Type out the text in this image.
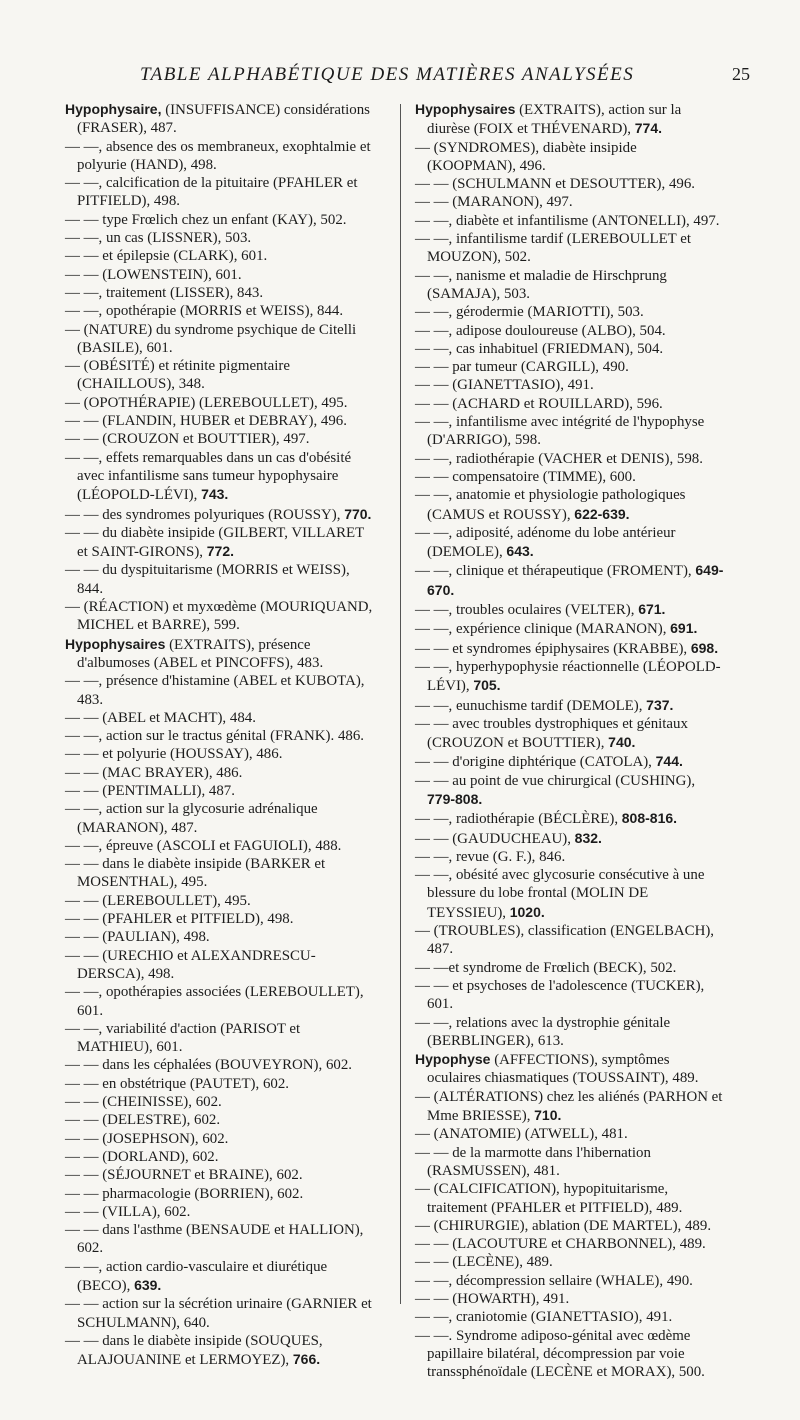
TABLE ALPHABÉTIQUE DES MATIÈRES ANALYSÉES	25

Hypophysaire, (INSUFFISANCE) considérations (FRASER), 487.

— —, absence des os membraneux, exophtalmie et polyurie (HAND), 498.

— —, calcification de la pituitaire (PFAHLER et PITFIELD), 498.

— — type Frœlich chez un enfant (KAY), 502.

— —, un cas (LISSNER), 503.

— — et épilepsie (CLARK), 601.

— — (LOWENSTEIN), 601.

— —, traitement (LISSER), 843.

— —, opothérapie (MORRIS et WEISS), 844.

— (NATURE) du syndrome psychique de Citelli (BASILE), 601.

— (OBÉSITÉ) et rétinite pigmentaire (CHAILLOUS), 348.

— (OPOTHÉRAPIE) (LEREBOULLET), 495.

— — (FLANDIN, HUBER et DEBRAY), 496.

— — (CROUZON et BOUTTIER), 497.

— —, effets remarquables dans un cas d'obésité avec infantilisme sans tumeur hypophysaire (LÉOPOLD-LÉVI), 743.

— — des syndromes polyuriques (ROUSSY), 770.

— — du diabète insipide (GILBERT, VILLARET et SAINT-GIRONS), 772.

— — du dyspituitarisme (MORRIS et WEISS), 844.

— (RÉACTION) et myxœdème (MOURIQUAND, MICHEL et BARRE), 599.

Hypophysaires (EXTRAITS), présence d'albumoses (ABEL et PINCOFFS), 483.

— —, présence d'histamine (ABEL et KUBOTA), 483.

— — (ABEL et MACHT), 484.

— —, action sur le tractus génital (FRANK). 486.

— — et polyurie (HOUSSAY), 486.

— — (MAC BRAYER), 486.

— — (PENTIMALLI), 487.

— —, action sur la glycosurie adrénalique (MARANON), 487.

— —, épreuve (ASCOLI et FAGUIOLI), 488.

— — dans le diabète insipide (BARKER et MOSENTHAL), 495.

— — (LEREBOULLET), 495.

— — (PFAHLER et PITFIELD), 498.

— — (PAULIAN), 498.

— — (URECHIO et ALEXANDRESCU-DERSCA), 498.

— —, opothérapies associées (LEREBOULLET), 601.

— —, variabilité d'action (PARISOT et MATHIEU), 601.

— — dans les céphalées (BOUVEYRON), 602.

— — en obstétrique (PAUTET), 602.

— — (CHEINISSE), 602.

— — (DELESTRE), 602.

— — (JOSEPHSON), 602.

— — (DORLAND), 602.

— — (SÉJOURNET et BRAINE), 602.

— — pharmacologie (BORRIEN), 602.

— — (VILLA), 602.

— — dans l'asthme (BENSAUDE et HALLION), 602.

— —, action cardio-vasculaire et diurétique (BECO), 639.

— — action sur la sécrétion urinaire (GARNIER et SCHULMANN), 640.

— — dans le diabète insipide (SOUQUES, ALAJOUANINE et LERMOYEZ), 766.

Hypophysaires (EXTRAITS), action sur la diurèse (FOIX et THÉVENARD), 774.

— (SYNDROMES), diabète insipide (KOOPMAN), 496.

— — (SCHULMANN et DESOUTTER), 496.

— — (MARANON), 497.

— —, diabète et infantilisme (ANTONELLI), 497.

— —, infantilisme tardif (LEREBOULLET et MOUZON), 502.

— —, nanisme et maladie de Hirschprung (SAMAJA), 503.

— —, gérodermie (MARIOTTI), 503.

— —, adipose douloureuse (ALBO), 504.

— —, cas inhabituel (FRIEDMAN), 504.

— — par tumeur (CARGILL), 490.

— — (GIANETTASIO), 491.

— — (ACHARD et ROUILLARD), 596.

— —, infantilisme avec intégrité de l'hypophyse (D'ARRIGO), 598.

— —, radiothérapie (VACHER et DENIS), 598.

— — compensatoire (TIMME), 600.

— —, anatomie et physiologie pathologiques (CAMUS et ROUSSY), 622-639.

— —, adiposité, adénome du lobe antérieur (DEMOLE), 643.

— —, clinique et thérapeutique (FROMENT), 649-670.

— —, troubles oculaires (VELTER), 671.

— —, expérience clinique (MARANON), 691.

— — et syndromes épiphysaires (KRABBE), 698.

— —, hyperhypophysie réactionnelle (LÉOPOLD-LÉVI), 705.

— —, eunuchisme tardif (DEMOLE), 737.

— — avec troubles dystrophiques et génitaux (CROUZON et BOUTTIER), 740.

— — d'origine diphtérique (CATOLA), 744.

— — au point de vue chirurgical (CUSHING), 779-808.

— —, radiothérapie (BÉCLÈRE), 808-816.

— — (GAUDUCHEAU), 832.

— —, revue (G. F.), 846.

— —, obésité avec glycosurie consécutive à une blessure du lobe frontal (MOLIN DE TEYSSIEU), 1020.

— (TROUBLES), classification (ENGELBACH), 487.

— —et syndrome de Frœlich (BECK), 502.

— — et psychoses de l'adolescence (TUCKER), 601.

— —, relations avec la dystrophie génitale (BERBLINGER), 613.

Hypophyse (AFFECTIONS), symptômes oculaires chiasmatiques (TOUSSAINT), 489.

— (ALTÉRATIONS) chez les aliénés (PARHON et Mme BRIESSE), 710.

— (ANATOMIE) (ATWELL), 481.

— — de la marmotte dans l'hibernation (RASMUSSEN), 481.

— (CALCIFICATION), hypopituitarisme, traitement (PFAHLER et PITFIELD), 489.

— (CHIRURGIE), ablation (DE MARTEL), 489.

— — (LACOUTURE et CHARBONNEL), 489.

— — (LECÈNE), 489.

— —, décompression sellaire (WHALE), 490.

— — (HOWARTH), 491.

— —, craniotomie (GIANETTASIO), 491.

— —. Syndrome adiposo-génital avec œdème papillaire bilatéral, décompression par voie transsphénoïdale (LECÈNE et MORAX), 500.
